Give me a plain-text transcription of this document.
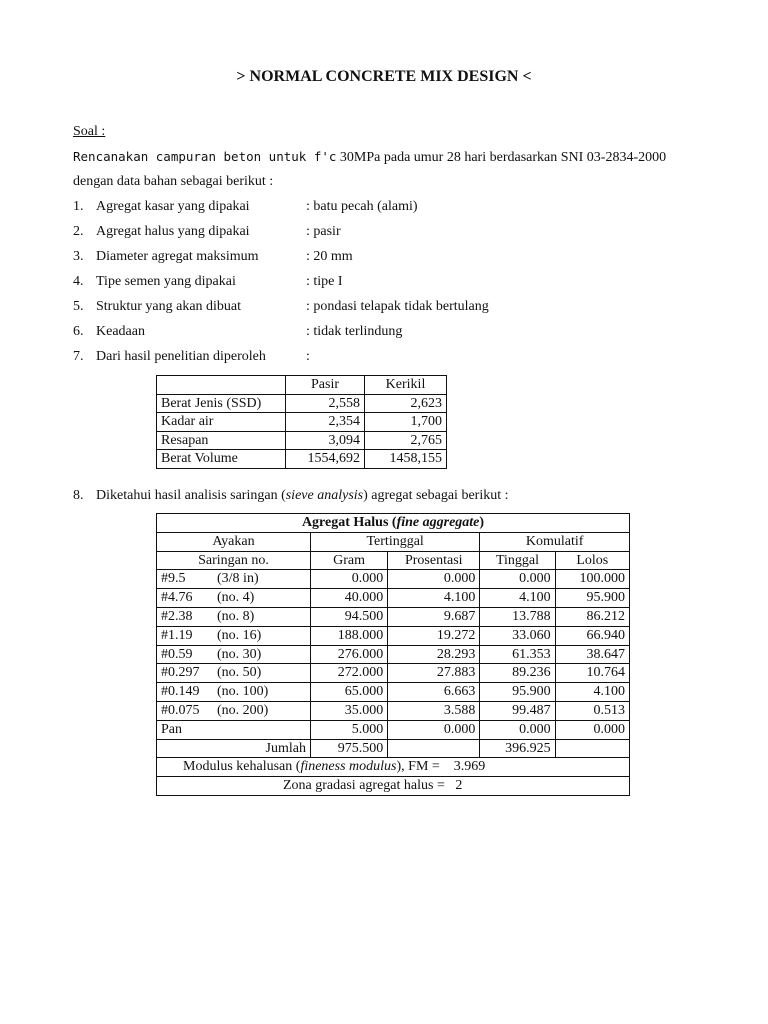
> NORMAL CONCRETE MIX DESIGN <
Soal :
Rencanakan campuran beton untuk f'c 30MPa pada umur 28 hari berdasarkan SNI 03-2834-2000
dengan data bahan sebagai berikut :
1. Agregat kasar yang dipakai	: batu pecah (alami)
2. Agregat halus yang dipakai	: pasir
3. Diameter agregat maksimum	: 20 mm
4. Tipe semen yang dipakai	: tipe I
5. Struktur yang akan dibuat	: pondasi telapak tidak bertulang
6. Keadaan	: tidak terlindung
7. Dari hasil penelitian diperoleh	:
	Pasir	Kerikil
Berat Jenis (SSD)	2,558	2,623
Kadar air	2,354	1,700
Resapan	3,094	2,765
Berat Volume	1554,692	1458,155
8. Diketahui hasil analisis saringan (sieve analysis) agregat sebagai berikut :
Agregat Halus (fine aggregate)				
Ayakan	Tertinggal		Komulatif	
Saringan no.	Gram	Prosentasi	Tinggal	Lolos
#9.5 (3/8 in)	0.000	0.000	0.000	100.000
#4.76 (no. 4)	40.000	4.100	4.100	95.900
#2.38 (no. 8)	94.500	9.687	13.788	86.212
#1.19 (no. 16)	188.000	19.272	33.060	66.940
#0.59 (no. 30)	276.000	28.293	61.353	38.647
#0.297 (no. 50)	272.000	27.883	89.236	10.764
#0.149 (no. 100)	65.000	6.663	95.900	4.100
#0.075 (no. 200)	35.000	3.588	99.487	0.513
Pan	5.000	0.000	0.000	0.000
Jumlah	975.500		396.925	
Modulus kehalusan (fineness modulus), FM = 3.969				
Zona gradasi agregat halus = 2				
